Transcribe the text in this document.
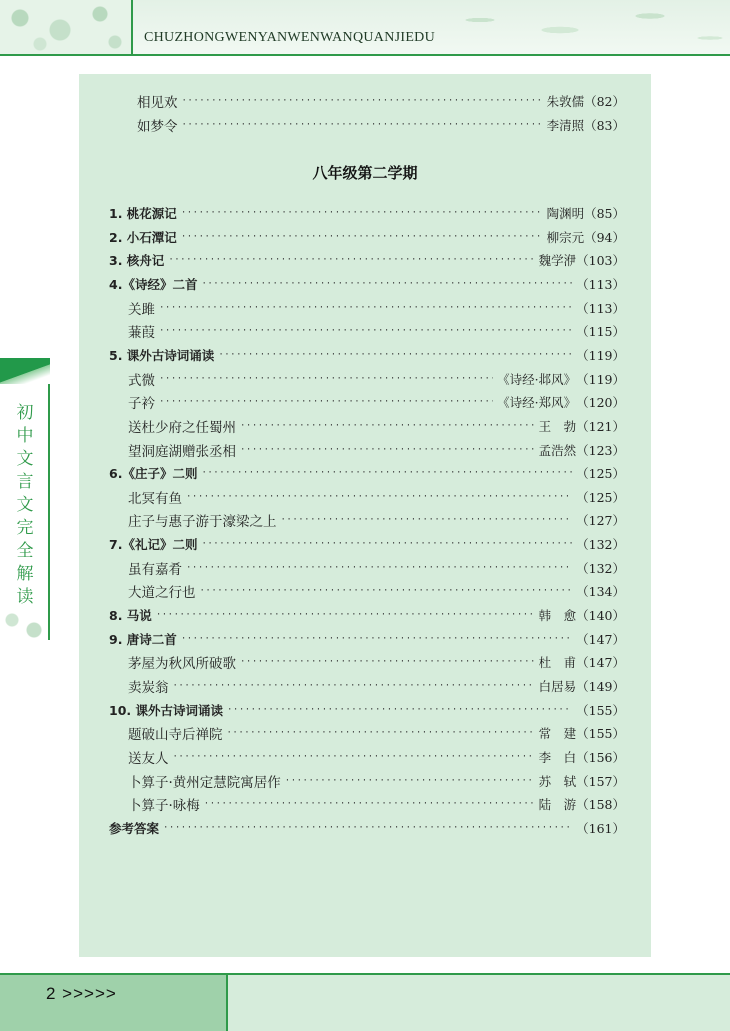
CHUZHONGWENYANWENWANQUANJIEDU
初中文言文完全解读
相见欢 ·····	朱敦儒 （82）
如梦令 ·····	李清照 （83）
八年级第二学期
1. 桃花源记 ·····	陶渊明 （85）
2. 小石潭记 ·····	柳宗元 （94）
3. 核舟记 ·····	魏学洢 （103）
4.《诗经》二首 ·····	（113）
关雎 ·····	（113）
蒹葭 ·····	（115）
5. 课外古诗词诵读 ·····	（119）
式微 ·····	《诗经·邶风》 （119）
子衿 ·····	《诗经·郑风》 （120）
送杜少府之任蜀州 ·····	王　勃 （121）
望洞庭湖赠张丞相 ·····	孟浩然 （123）
6.《庄子》二则 ·····	（125）
北冥有鱼 ·····	（125）
庄子与惠子游于濠梁之上 ·····	（127）
7.《礼记》二则 ·····	（132）
虽有嘉肴 ·····	（132）
大道之行也 ·····	（134）
8. 马说 ·····	韩　愈 （140）
9. 唐诗二首 ·····	（147）
茅屋为秋风所破歌 ·····	杜　甫 （147）
卖炭翁 ·····	白居易 （149）
10. 课外古诗词诵读 ·····	（155）
题破山寺后禅院 ·····	常　建 （155）
送友人 ·····	李　白 （156）
卜算子·黄州定慧院寓居作 ·····	苏　轼 （157）
卜算子·咏梅 ·····	陆　游 （158）
参考答案 ·····	（161）
2 >>>>>
